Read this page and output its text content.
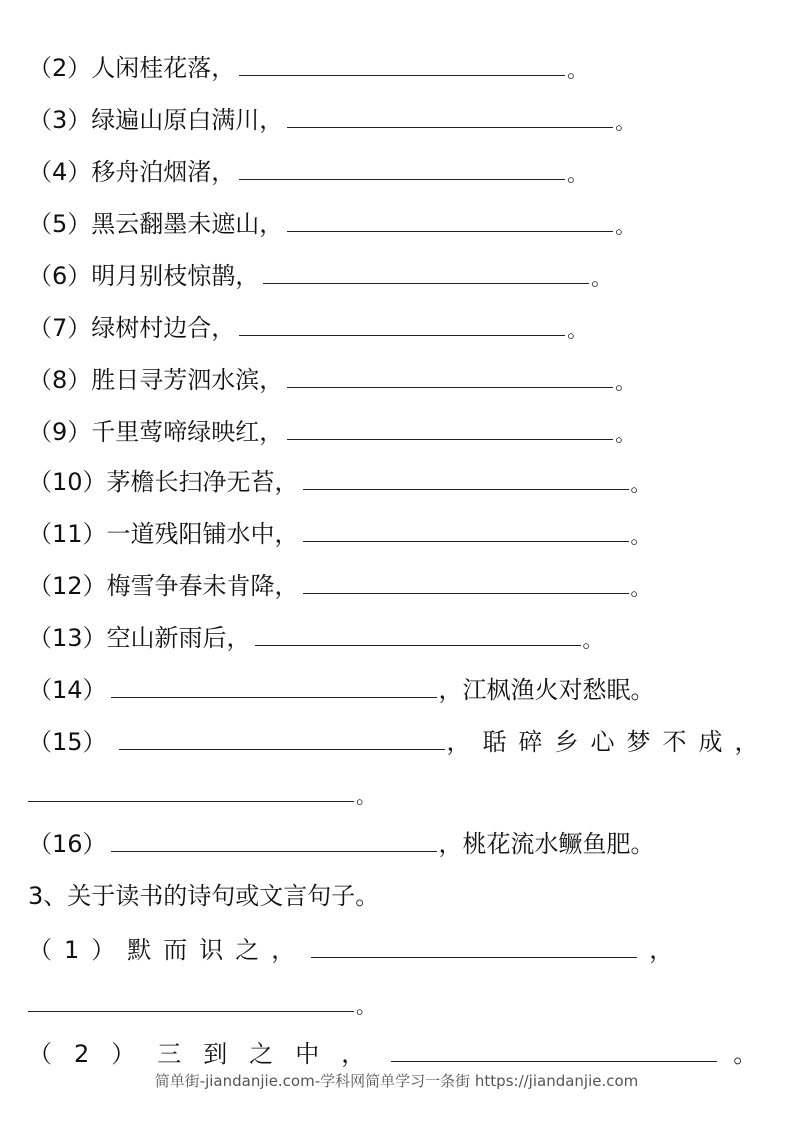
（2）人闲桂花落，	。
（3）绿遍山原白满川，	。
（4）移舟泊烟渚，	。
（5）黑云翻墨未遮山，	。
（6）明月别枝惊鹊，	。
（7）绿树村边合，	。
（8）胜日寻芳泗水滨，	。
（9）千里莺啼绿映红，	。
（10）茅檐长扫净无苔，	。
（11）一道残阳铺水中，	。
（12）梅雪争春未肯降，	。
（13）空山新雨后，	。
（14）	，江枫渔火对愁眠。
（15）	，聒碎乡心梦不成，
。
（16）	，桃花流水鳜鱼肥。
3、关于读书的诗句或文言句子。
（1）默而识之，	，
。
（2）三到之中，	。
简单街-jiandanjie.com-学科网简单学习一条街 https://jiandanjie.com
